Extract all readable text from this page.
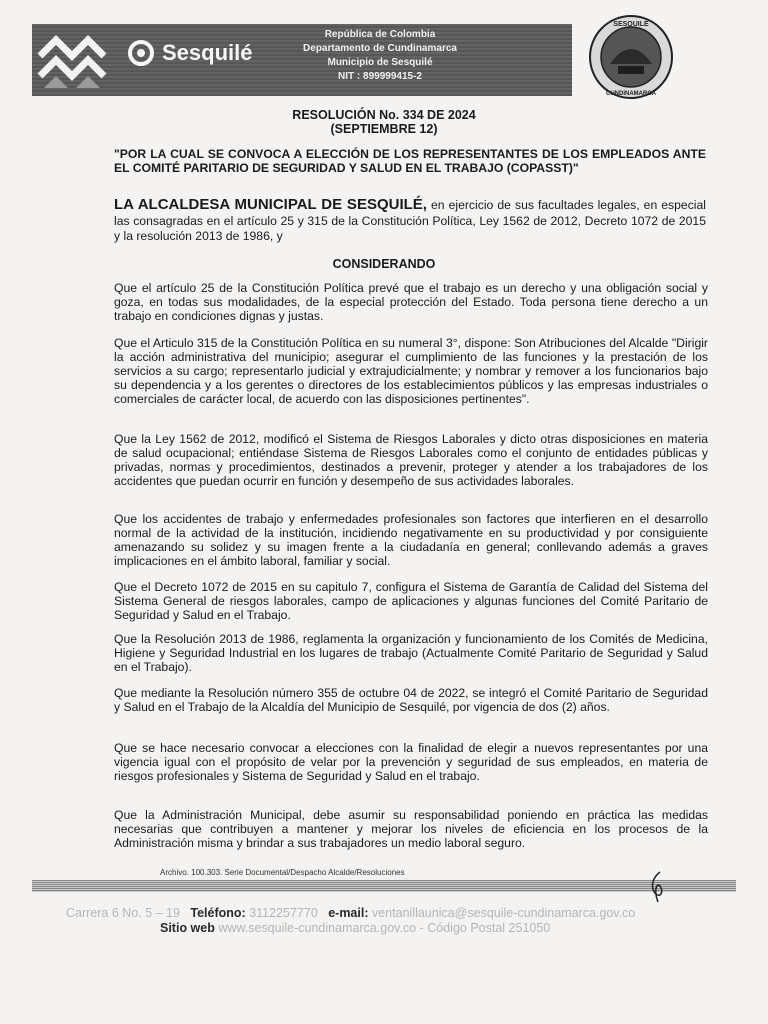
Sesquilé
República de Colombia
Departamento de Cundinamarca
Municipio de Sesquilé
NIT : 899999415-2
SESQUILÉ
CUNDINAMARCA
RESOLUCIÓN No. 334 DE 2024
(SEPTIEMBRE 12)
"POR LA CUAL SE CONVOCA A ELECCIÓN DE LOS REPRESENTANTES DE LOS EMPLEADOS ANTE EL COMITÉ PARITARIO DE SEGURIDAD Y SALUD EN EL TRABAJO (COPASST)"
LA ALCALDESA MUNICIPAL DE SESQUILÉ, en ejercicio de sus facultades legales, en especial las consagradas en el artículo 25 y 315 de la Constitución Política, Ley 1562 de 2012, Decreto 1072 de 2015 y la resolución 2013 de 1986, y
CONSIDERANDO

Que el artículo 25 de la Constitución Política prevé que el trabajo es un derecho y una obligación social y goza, en todas sus modalidades, de la especial protección del Estado. Toda persona tiene derecho a un trabajo en condiciones dignas y justas.

Que el Articulo 315 de la Constitución Política en su numeral 3°, dispone: Son Atribuciones del Alcalde "Dirigir la acción administrativa del municipio; asegurar el cumplimiento de las funciones y la prestación de los servicios a su cargo; representarlo judicial y extrajudicialmente; y nombrar y remover a los funcionarios bajo su dependencia y a los gerentes o directores de los establecimientos públicos y las empresas industriales o comerciales de carácter local, de acuerdo con las disposiciones pertinentes".

Que la Ley 1562 de 2012, modificó el Sistema de Riesgos Laborales y dicto otras disposiciones en materia de salud ocupacional; entiéndase Sistema de Riesgos Laborales como el conjunto de entidades públicas y privadas, normas y procedimientos, destinados a prevenir, proteger y atender a los trabajadores de los accidentes que puedan ocurrir en función y desempeño de sus actividades laborales.

Que los accidentes de trabajo y enfermedades profesionales son factores que interfieren en el desarrollo normal de la actividad de la institución, incidiendo negativamente en su productividad y por consiguiente amenazando su solidez y su imagen frente a la ciudadanía en general; conllevando además a graves implicaciones en el ámbito laboral, familiar y social.

Que el Decreto 1072 de 2015 en su capitulo 7, configura el Sistema de Garantía de Calidad del Sistema del Sistema General de riesgos laborales, campo de aplicaciones y algunas funciones del Comité Paritario de Seguridad y Salud en el Trabajo.

Que la Resolución 2013 de 1986, reglamenta la organización y funcionamiento de los Comités de Medicina, Higiene y Seguridad Industrial en los lugares de trabajo (Actualmente Comité Paritario de Seguridad y Salud en el Trabajo).

Que mediante la Resolución número 355 de octubre 04 de 2022, se integró el Comité Paritario de Seguridad y Salud en el Trabajo de la Alcaldía del Municipio de Sesquilé, por vigencia de dos (2) años.

Que se hace necesario convocar a elecciones con la finalidad de elegir a nuevos representantes por una vigencia igual con el propósito de velar por la prevención y seguridad de sus empleados, en materia de riesgos profesionales y Sistema de Seguridad y Salud en el trabajo.

Que la Administración Municipal, debe asumir su responsabilidad poniendo en práctica las medidas necesarias que contribuyen a mantener y mejorar los niveles de eficiencia en los procesos de la Administración misma y brindar a sus trabajadores un medio laboral seguro.

Archivo. 100.303. Serie Documental/Despacho Alcalde/Resoluciones
Carrera 6 No. 5 – 19 Teléfono: 3112257770 e-mail: ventanillaunica@sesquile-cundinamarca.gov.co
Sitio web www.sesquile-cundinamarca.gov.co - Código Postal 251050
